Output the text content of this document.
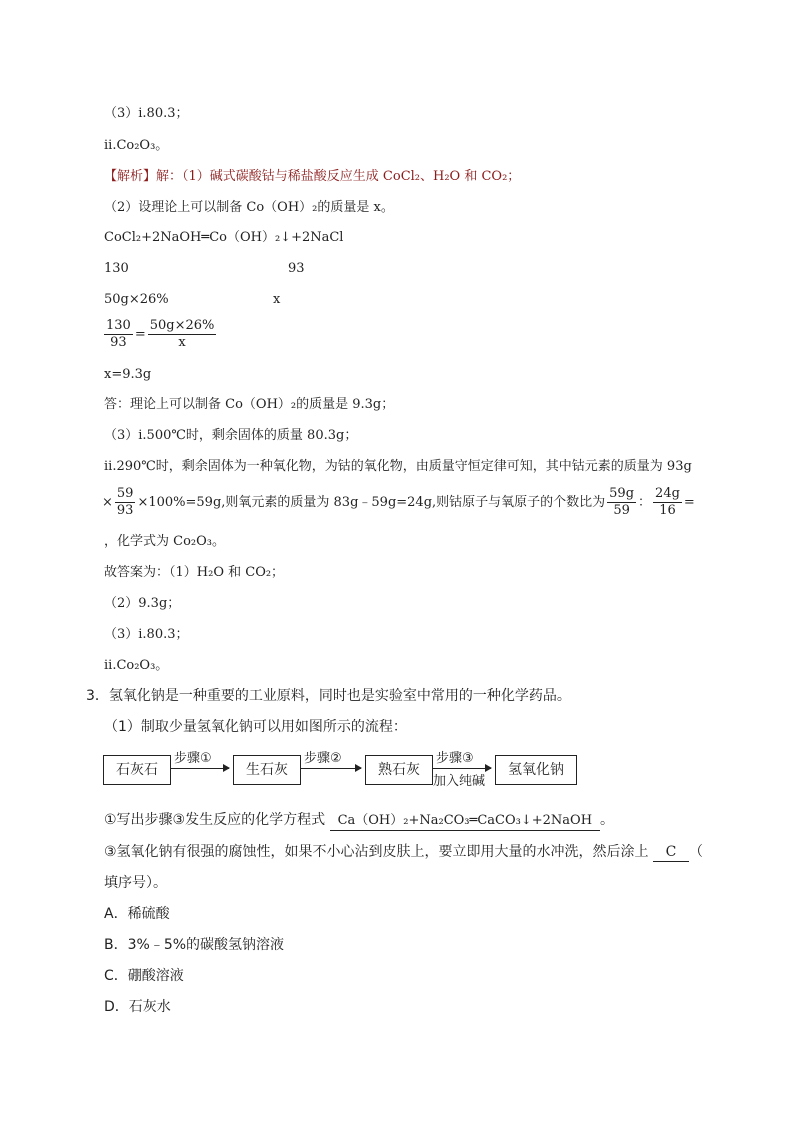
（3）i.80.3；
ii.Co₂O₃。
【解析】解：（1）碱式碳酸钴与稀盐酸反应生成 CoCl₂、H₂O 和 CO₂；
（2）设理论上可以制备 Co（OH）₂的质量是 x。
CoCl₂+2NaOH═Co（OH）₂↓+2NaCl
130	93
50g×26%	x
$\frac{130}{93} = \frac{50g\times 26\%}{x}$
x=9.3g
答：理论上可以制备 Co（OH）₂的质量是 9.3g；
（3）i.500℃时，剩余固体的质量 80.3g；
ii.290℃时，剩余固体为一种氧化物，为钴的氧化物，由质量守恒定律可知，其中钴元素的质量为 93g
× $\frac{59}{93} \times 100\%=59g$,则氧元素的质量为 83g﹣59g=24g,则钴原子与氧原子的个数比为 $\frac{59g}{59}$ ： $\frac{24g}{16}$ =
，化学式为 Co₂O₃。
故答案为：（1）H₂O 和 CO₂；
（2）9.3g；
（3）i.80.3；
ii.Co₂O₃。
3．氢氧化钠是一种重要的工业原料，同时也是实验室中常用的一种化学药品。
（1）制取少量氢氧化钠可以用如图所示的流程：
石灰石
步骤①
生石灰
步骤②
熟石灰
步骤③
加入纯碱
氢氧化钠
①写出步骤③发生反应的化学方程式 Ca（OH）₂+Na₂CO₃═CaCO₃↓+2NaOH 。
③氢氧化钠有很强的腐蚀性，如果不小心沾到皮肤上，要立即用大量的水冲洗，然后涂上 C （
填序号）。
A．稀硫酸
B．3%﹣5%的碳酸氢钠溶液
C．硼酸溶液
D．石灰水
